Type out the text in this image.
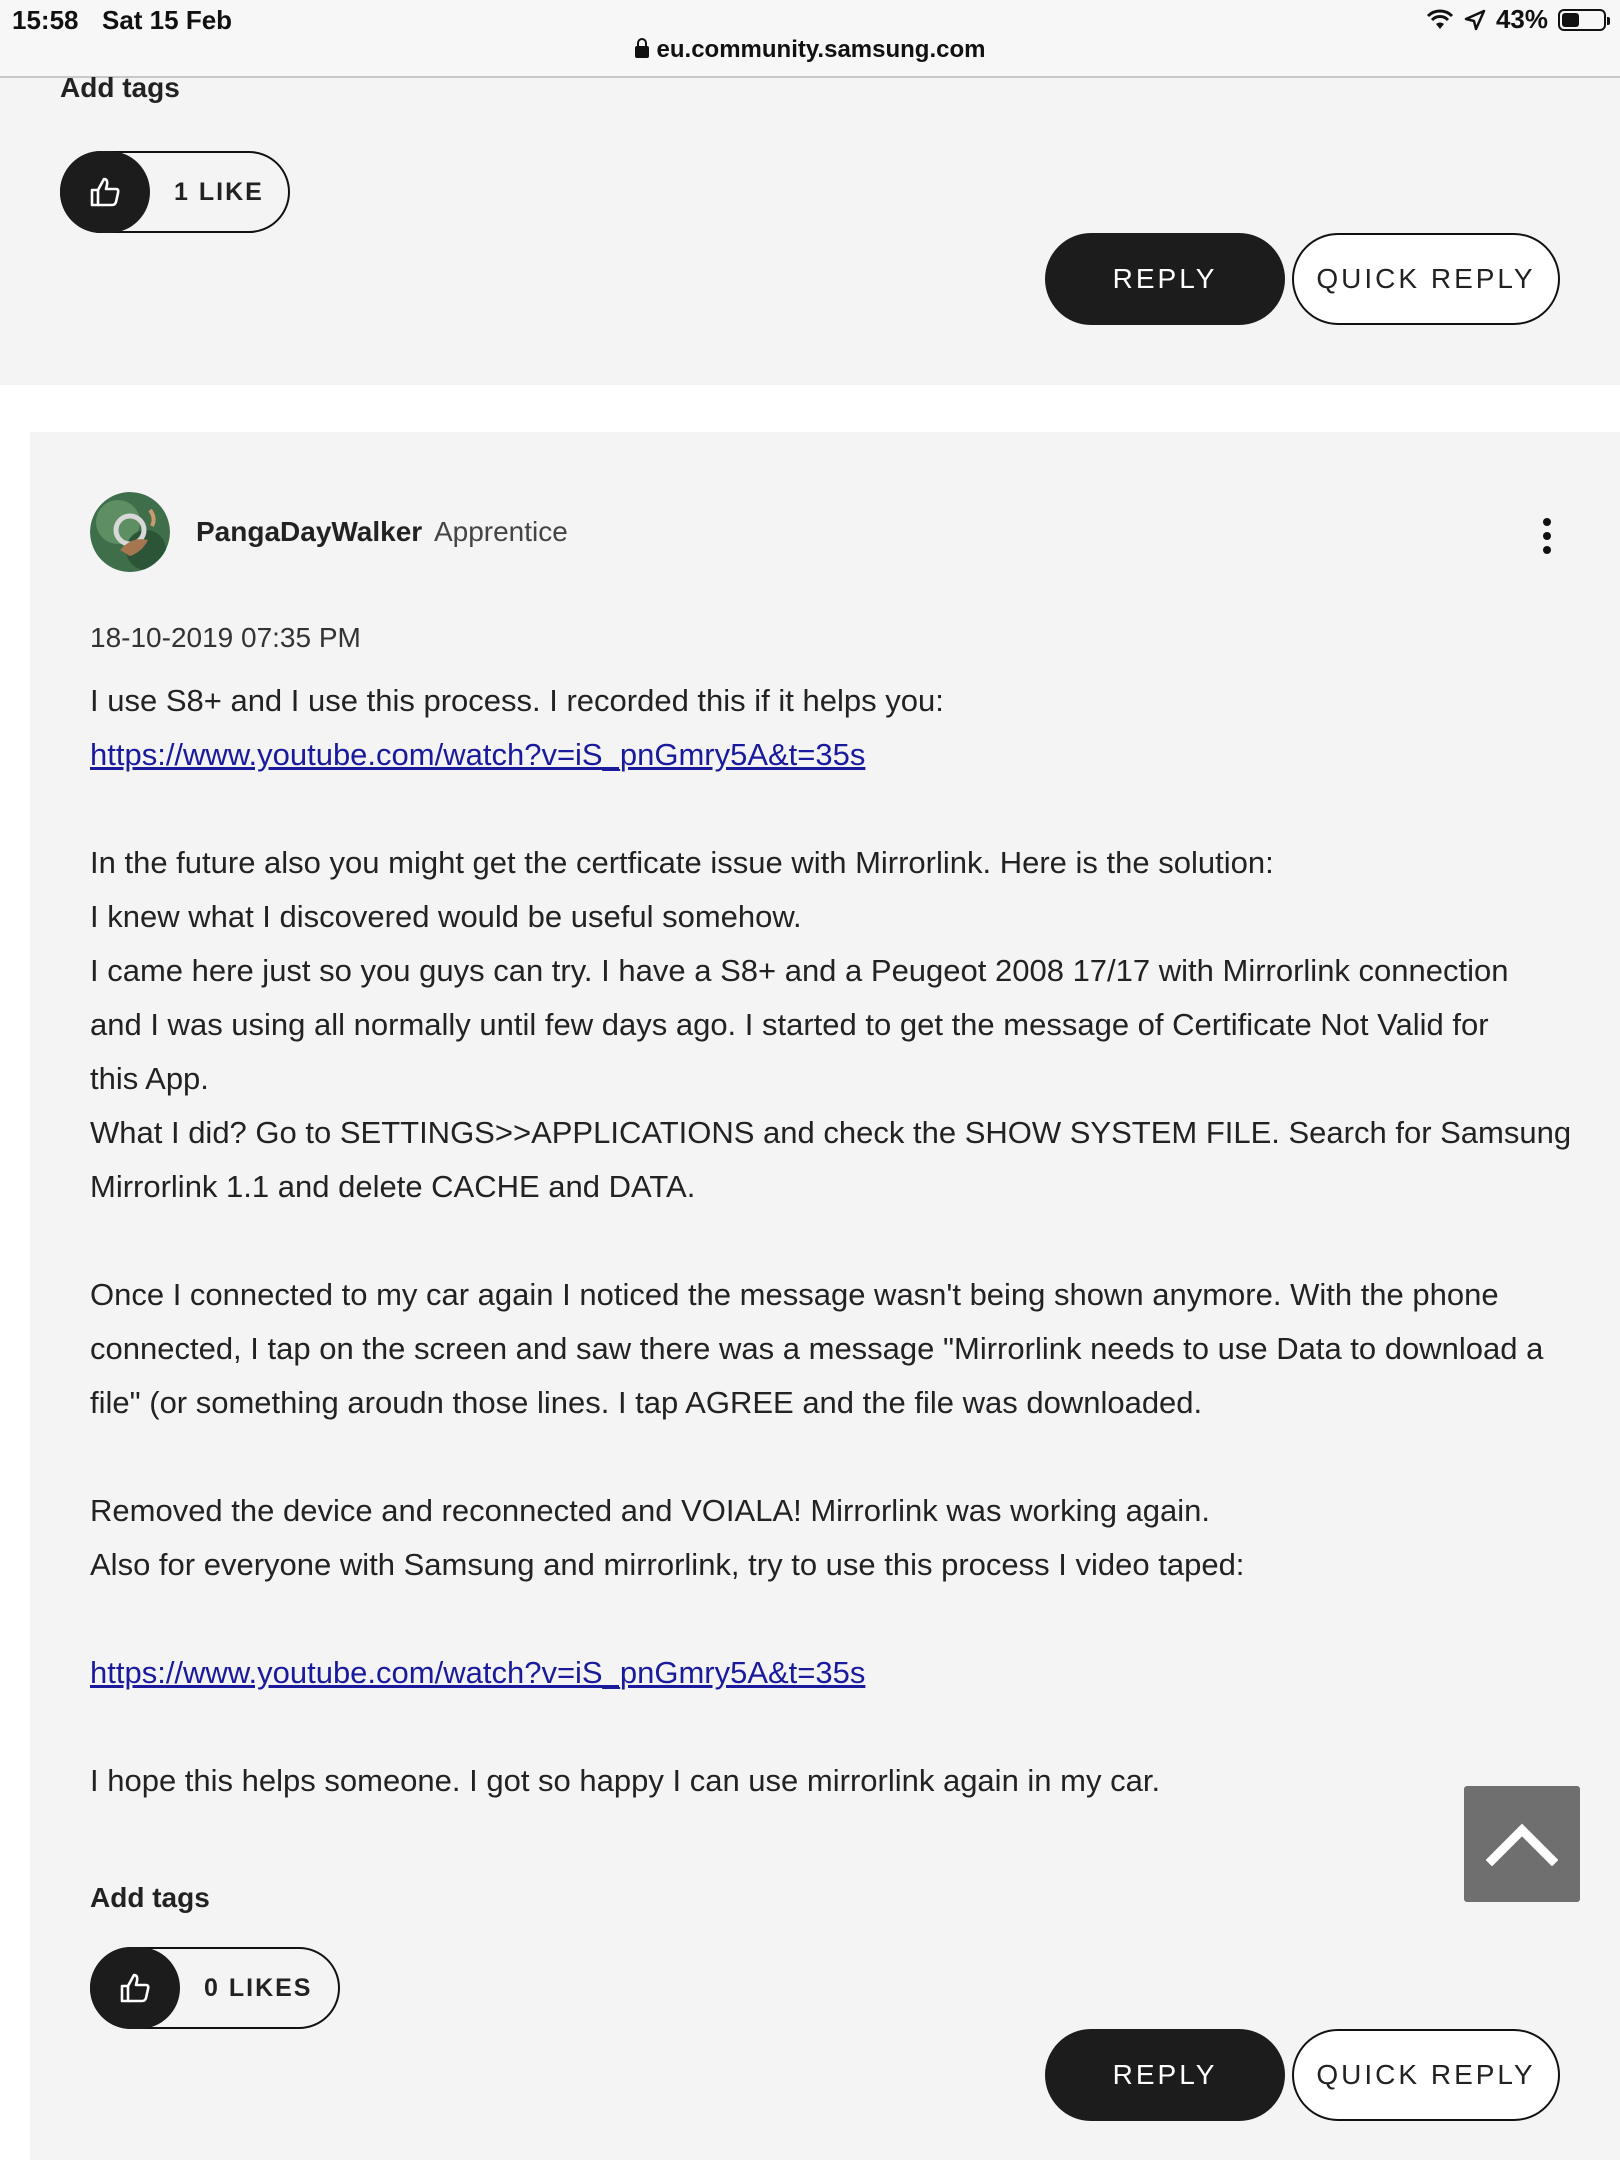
15:58 Sat 15 Feb	43%
eu.community.samsung.com
Add tags
1 LIKE
REPLY	QUICK REPLY
PangaDayWalker Apprentice
18-10-2019 07:35 PM
I use S8+ and I use this process. I recorded this if it helps you:
https://www.youtube.com/watch?v=iS_pnGmry5A&t=35s
In the future also you might get the certficate issue with Mirrorlink. Here is the solution:
I knew what I discovered would be useful somehow.
I came here just so you guys can try. I have a S8+ and a Peugeot 2008 17/17 with Mirrorlink connection
and I was using all normally until few days ago. I started to get the message of Certificate Not Valid for
this App.
What I did? Go to SETTINGS>>APPLICATIONS and check the SHOW SYSTEM FILE. Search for Samsung
Mirrorlink 1.1 and delete CACHE and DATA.
Once I connected to my car again I noticed the message wasn't being shown anymore. With the phone
connected, I tap on the screen and saw there was a message "Mirrorlink needs to use Data to download a
file" (or something aroudn those lines. I tap AGREE and the file was downloaded.
Removed the device and reconnected and VOIALA! Mirrorlink was working again.
Also for everyone with Samsung and mirrorlink, try to use this process I video taped:
https://www.youtube.com/watch?v=iS_pnGmry5A&t=35s
I hope this helps someone. I got so happy I can use mirrorlink again in my car.
Add tags
0 LIKES
REPLY	QUICK REPLY
